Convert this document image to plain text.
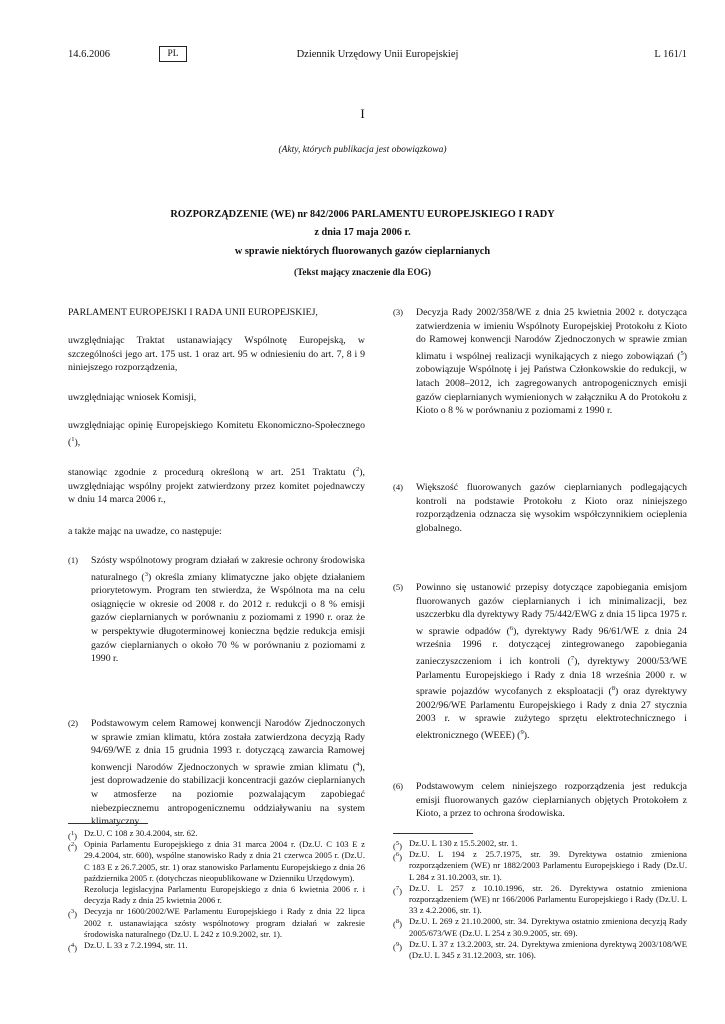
14.6.2006	PL	Dziennik Urzędowy Unii Europejskiej	L 161/1
I
(Akty, których publikacja jest obowiązkowa)
ROZPORZĄDZENIE (WE) nr 842/2006 PARLAMENTU EUROPEJSKIEGO I RADY
z dnia 17 maja 2006 r.
w sprawie niektórych fluorowanych gazów cieplarnianych
(Tekst mający znaczenie dla EOG)

PARLAMENT EUROPEJSKI I RADA UNII EUROPEJSKIEJ,

uwzględniając Traktat ustanawiający Wspólnotę Europejską, w szczególności jego art. 175 ust. 1 oraz art. 95 w odniesieniu do art. 7, 8 i 9 niniejszego rozporządzenia,

uwzględniając wniosek Komisji,

uwzględniając opinię Europejskiego Komitetu Ekonomiczno-Społecznego ($^1$),

stanowiąc zgodnie z procedurą określoną w art. 251 Traktatu ($^2$), uwzględniając wspólny projekt zatwierdzony przez komitet pojednawczy w dniu 14 marca 2006 r.,

a także mając na uwadze, co następuje:

(1) Szósty wspólnotowy program działań w zakresie ochrony środowiska naturalnego ($^3$) określa zmiany klimatyczne jako objęte działaniem priorytetowym. Program ten stwierdza, że Wspólnota ma na celu osiągnięcie w okresie od 2008 r. do 2012 r. redukcji o 8 % emisji gazów cieplarnianych w porównaniu z poziomami z 1990 r. oraz że w perspektywie długoterminowej konieczna będzie redukcja emisji gazów cieplarnianych o około 70 % w porównaniu z poziomami z 1990 r.
(2) Podstawowym celem Ramowej konwencji Narodów Zjednoczonych w sprawie zmian klimatu, która została zatwierdzona decyzją Rady 94/69/WE z dnia 15 grudnia 1993 r. dotyczącą zawarcia Ramowej konwencji Narodów Zjednoczonych w sprawie zmian klimatu ($^4$), jest doprowadzenie do stabilizacji koncentracji gazów cieplarnianych w atmosferze na poziomie pozwalającym zapobiegać niebezpiecznemu antropogenicznemu oddziaływaniu na system klimatyczny.
(3) Decyzja Rady 2002/358/WE z dnia 25 kwietnia 2002 r. dotycząca zatwierdzenia w imieniu Wspólnoty Europejskiej Protokołu z Kioto do Ramowej konwencji Narodów Zjednoczonych w sprawie zmian klimatu i wspólnej realizacji wynikających z niego zobowiązań ($^5$) zobowiązuje Wspólnotę i jej Państwa Członkowskie do redukcji, w latach 2008–2012, ich zagregowanych antropogenicznych emisji gazów cieplarnianych wymienionych w załączniku A do Protokołu z Kioto o 8 % w porównaniu z poziomami z 1990 r.
(4) Większość fluorowanych gazów cieplarnianych podlegających kontroli na podstawie Protokołu z Kioto oraz niniejszego rozporządzenia odznacza się wysokim współczynnikiem ocieplenia globalnego.
(5) Powinno się ustanowić przepisy dotyczące zapobiegania emisjom fluorowanych gazów cieplarnianych i ich minimalizacji, bez uszczerbku dla dyrektywy Rady 75/442/EWG z dnia 15 lipca 1975 r. w sprawie odpadów ($^6$), dyrektywy Rady 96/61/WE z dnia 24 września 1996 r. dotyczącej zintegrowanego zapobiegania zanieczyszczeniom i ich kontroli ($^7$), dyrektywy 2000/53/WE Parlamentu Europejskiego i Rady z dnia 18 września 2000 r. w sprawie pojazdów wycofanych z eksploatacji ($^8$) oraz dyrektywy 2002/96/WE Parlamentu Europejskiego i Rady z dnia 27 stycznia 2003 r. w sprawie zużytego sprzętu elektrotechnicznego i elektronicznego (WEEE) ($^9$).
(6) Podstawowym celem niniejszego rozporządzenia jest redukcja emisji fluorowanych gazów cieplarnianych objętych Protokołem z Kioto, a przez to ochrona środowiska.
($^1$) Dz.U. C 108 z 30.4.2004, str. 62.
($^2$) Opinia Parlamentu Europejskiego z dnia 31 marca 2004 r. (Dz.U. C 103 E z 29.4.2004, str. 600), wspólne stanowisko Rady z dnia 21 czerwca 2005 r. (Dz.U. C 183 E z 26.7.2005, str. 1) oraz stanowisko Parlamentu Europejskiego z dnia 26 października 2005 r. (dotychczas nieopublikowane w Dzienniku Urzędowym).
Rezolucja legislacyjna Parlamentu Europejskiego z dnia 6 kwietnia 2006 r. i decyzja Rady z dnia 25 kwietnia 2006 r.
($^3$) Decyzja nr 1600/2002/WE Parlamentu Europejskiego i Rady z dnia 22 lipca 2002 r. ustanawiająca szósty wspólnotowy program działań w zakresie środowiska naturalnego (Dz.U. L 242 z 10.9.2002, str. 1).
($^4$) Dz.U. L 33 z 7.2.1994, str. 11.
($^5$) Dz.U. L 130 z 15.5.2002, str. 1.
($^6$) Dz.U. L 194 z 25.7.1975, str. 39. Dyrektywa ostatnio zmieniona rozporządzeniem (WE) nr 1882/2003 Parlamentu Europejskiego i Rady (Dz.U. L 284 z 31.10.2003, str. 1).
($^7$) Dz.U. L 257 z 10.10.1996, str. 26. Dyrektywa ostatnio zmieniona rozporządzeniem (WE) nr 166/2006 Parlamentu Europejskiego i Rady (Dz.U. L 33 z 4.2.2006, str. 1).
($^8$) Dz.U. L 269 z 21.10.2000, str. 34. Dyrektywa ostatnio zmieniona decyzją Rady 2005/673/WE (Dz.U. L 254 z 30.9.2005, str. 69).
($^9$) Dz.U. L 37 z 13.2.2003, str. 24. Dyrektywa zmieniona dyrektywą 2003/108/WE (Dz.U. L 345 z 31.12.2003, str. 106).
